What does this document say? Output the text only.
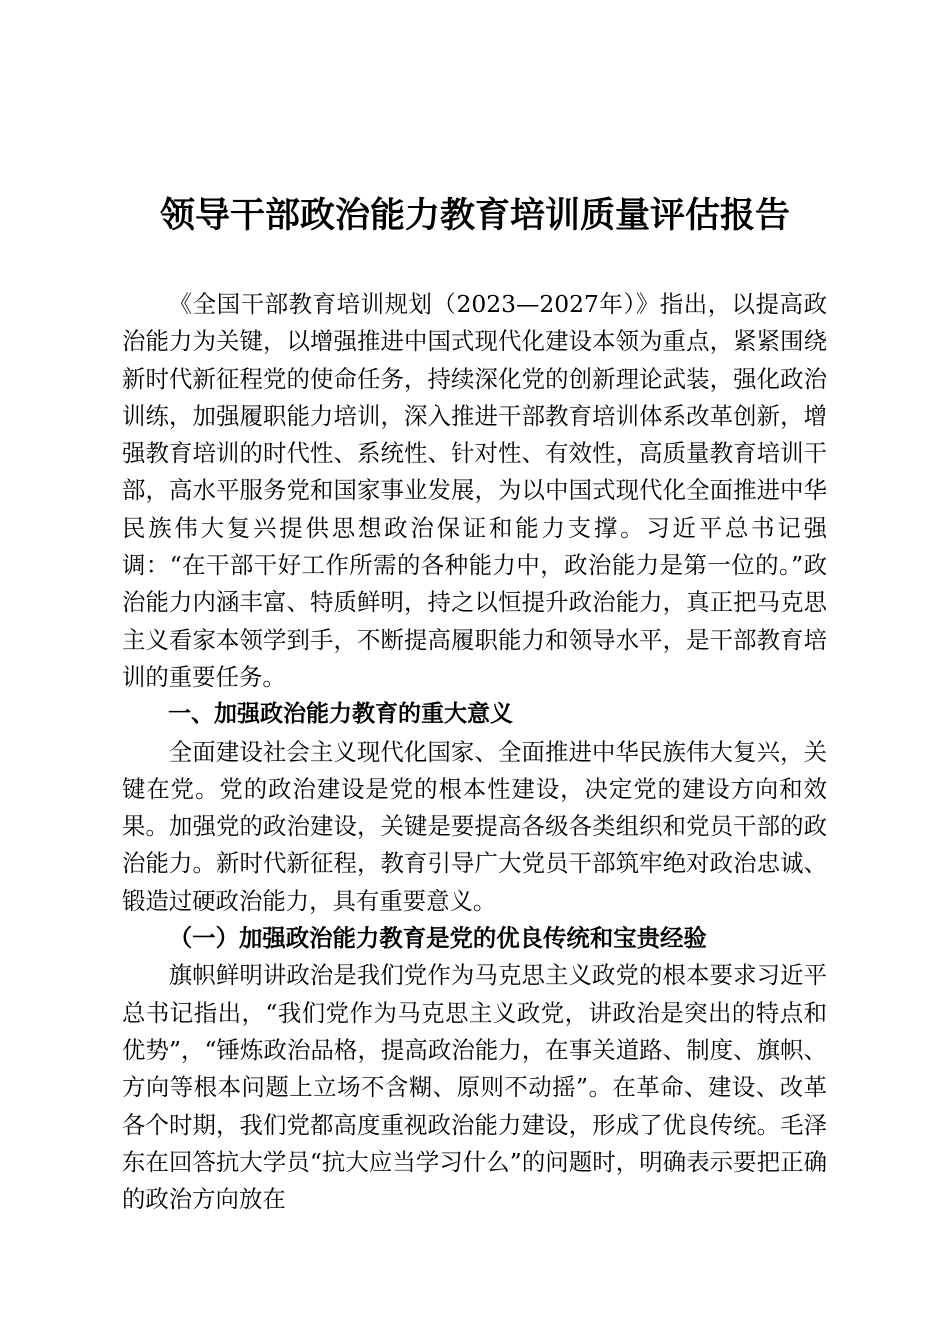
领导干部政治能力教育培训质量评估报告

《全国干部教育培训规划（2023—2027年）》指出，以提高政治能力为关键，以增强推进中国式现代化建设本领为重点，紧紧围绕新时代新征程党的使命任务，持续深化党的创新理论武装，强化政治训练，加强履职能力培训，深入推进干部教育培训体系改革创新，增强教育培训的时代性、系统性、针对性、有效性，高质量教育培训干部，高水平服务党和国家事业发展，为以中国式现代化全面推进中华民族伟大复兴提供思想政治保证和能力支撑。习近平总书记强调：“在干部干好工作所需的各种能力中，政治能力是第一位的。”政治能力内涵丰富、特质鲜明，持之以恒提升政治能力，真正把马克思主义看家本领学到手，不断提高履职能力和领导水平，是干部教育培训的重要任务。

一、加强政治能力教育的重大意义

全面建设社会主义现代化国家、全面推进中华民族伟大复兴，关键在党。党的政治建设是党的根本性建设，决定党的建设方向和效果。加强党的政治建设，关键是要提高各级各类组织和党员干部的政治能力。新时代新征程，教育引导广大党员干部筑牢绝对政治忠诚、锻造过硬政治能力，具有重要意义。

（一）加强政治能力教育是党的优良传统和宝贵经验

旗帜鲜明讲政治是我们党作为马克思主义政党的根本要求习近平总书记指出，“我们党作为马克思主义政党，讲政治是突出的特点和优势”，“锤炼政治品格，提高政治能力，在事关道路、制度、旗帜、方向等根本问题上立场不含糊、原则不动摇”。在革命、建设、改革各个时期，我们党都高度重视政治能力建设，形成了优良传统。毛泽东在回答抗大学员“抗大应当学习什么”的问题时，明确表示要把正确的政治方向放在
